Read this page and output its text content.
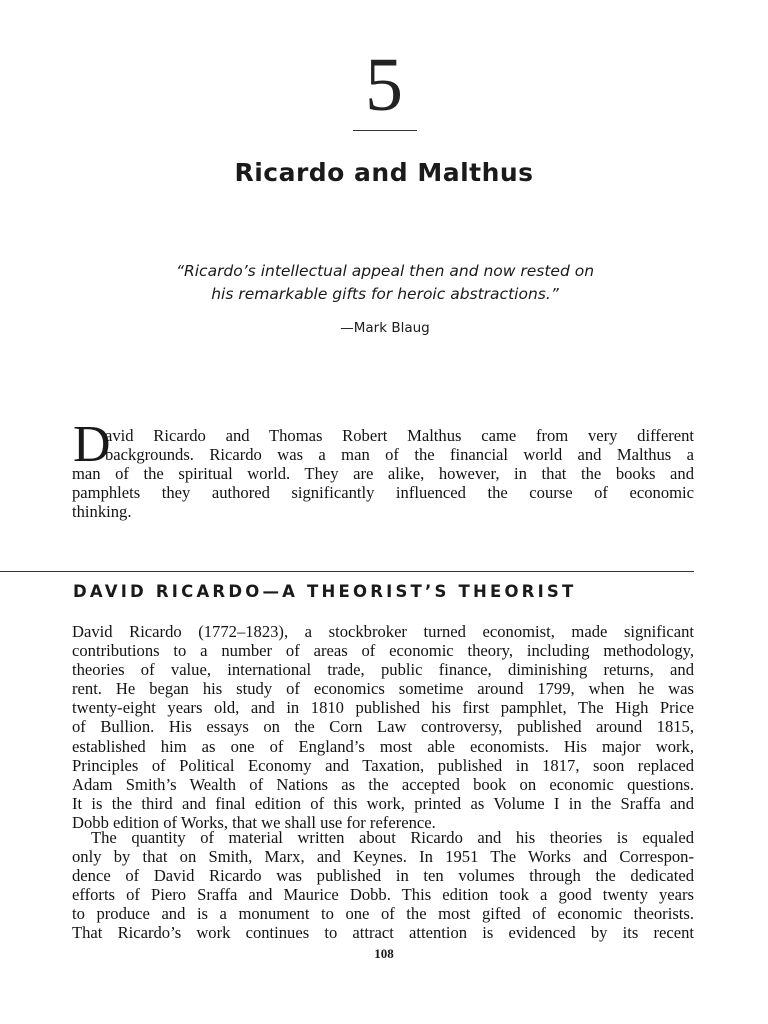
5
Ricardo and Malthus
“Ricardo’s intellectual appeal then and now rested on
his remarkable gifts for heroic abstractions.”
—Mark Blaug
D
avid Ricardo and Thomas Robert Malthus came from very different
backgrounds. Ricardo was a man of the financial world and Malthus a
man of the spiritual world. They are alike, however, in that the books and
pamphlets they authored significantly influenced the course of economic
thinking.
DAVID RICARDO—A THEORIST’S THEORIST
David Ricardo (1772–1823), a stockbroker turned economist, made significant
contributions to a number of areas of economic theory, including methodology,
theories of value, international trade, public finance, diminishing returns, and
rent. He began his study of economics sometime around 1799, when he was
twenty-eight years old, and in 1810 published his first pamphlet, The High Price
of Bullion. His essays on the Corn Law controversy, published around 1815,
established him as one of England’s most able economists. His major work,
Principles of Political Economy and Taxation, published in 1817, soon replaced
Adam Smith’s Wealth of Nations as the accepted book on economic questions.
It is the third and final edition of this work, printed as Volume I in the Sraffa and
Dobb edition of Works, that we shall use for reference.
The quantity of material written about Ricardo and his theories is equaled
only by that on Smith, Marx, and Keynes. In 1951 The Works and Correspon-
dence of David Ricardo was published in ten volumes through the dedicated
efforts of Piero Sraffa and Maurice Dobb. This edition took a good twenty years
to produce and is a monument to one of the most gifted of economic theorists.
That Ricardo’s work continues to attract attention is evidenced by its recent
108
